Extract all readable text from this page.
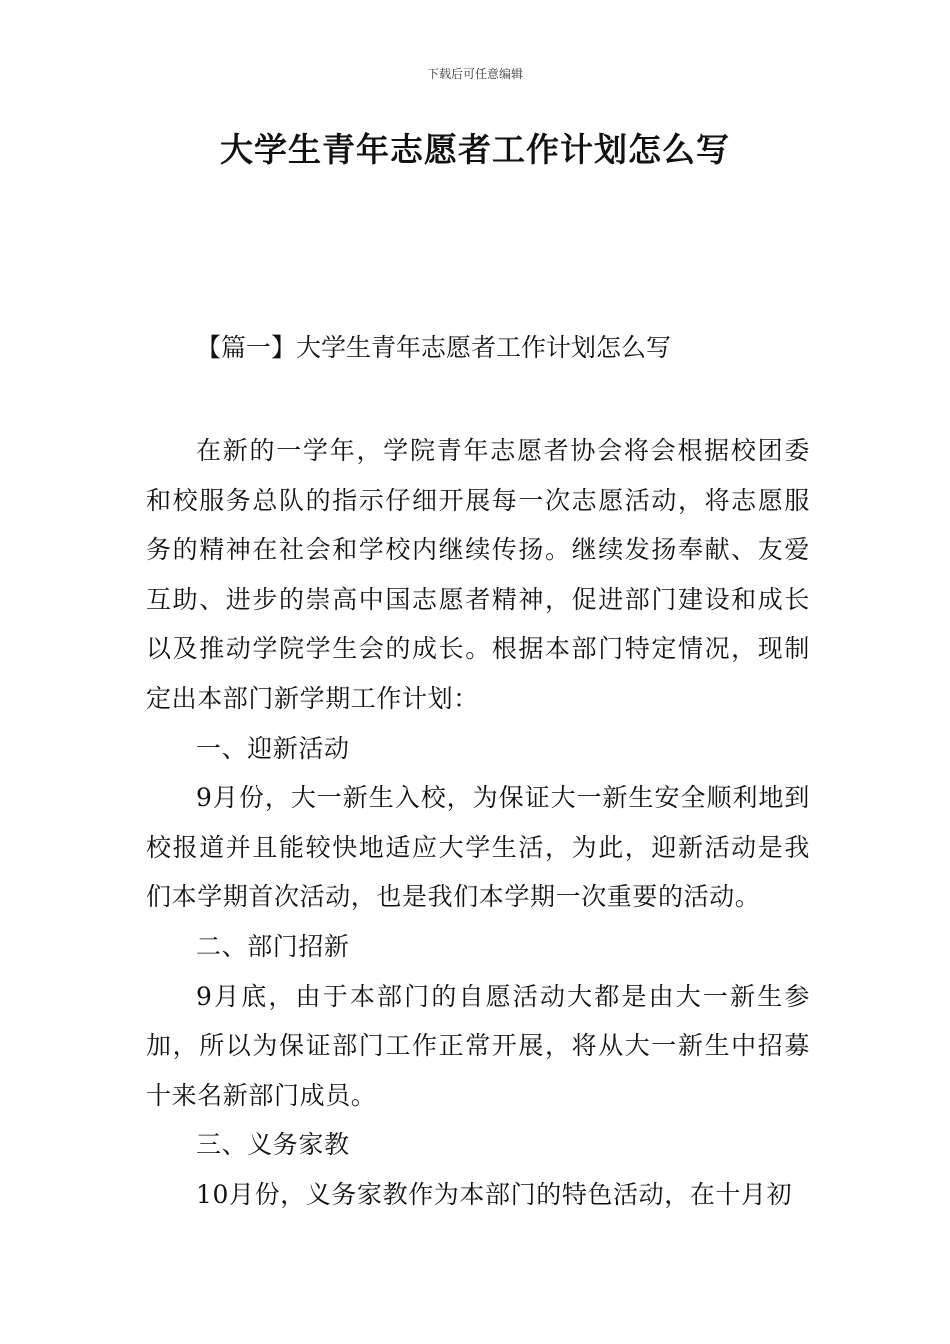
下载后可任意编辑
大学生青年志愿者工作计划怎么写
【篇一】大学生青年志愿者工作计划怎么写

在新的一学年，学院青年志愿者协会将会根据校团委和校服务总队的指示仔细开展每一次志愿活动，将志愿服务的精神在社会和学校内继续传扬。继续发扬奉献、友爱互助、进步的崇高中国志愿者精神，促进部门建设和成长以及推动学院学生会的成长。根据本部门特定情况，现制定出本部门新学期工作计划：

一、迎新活动

9月份，大一新生入校，为保证大一新生安全顺利地到校报道并且能较快地适应大学生活，为此，迎新活动是我们本学期首次活动，也是我们本学期一次重要的活动。

二、部门招新

9月底，由于本部门的自愿活动大都是由大一新生参加，所以为保证部门工作正常开展，将从大一新生中招募十来名新部门成员。

三、义务家教

10月份，义务家教作为本部门的特色活动，在十月初
